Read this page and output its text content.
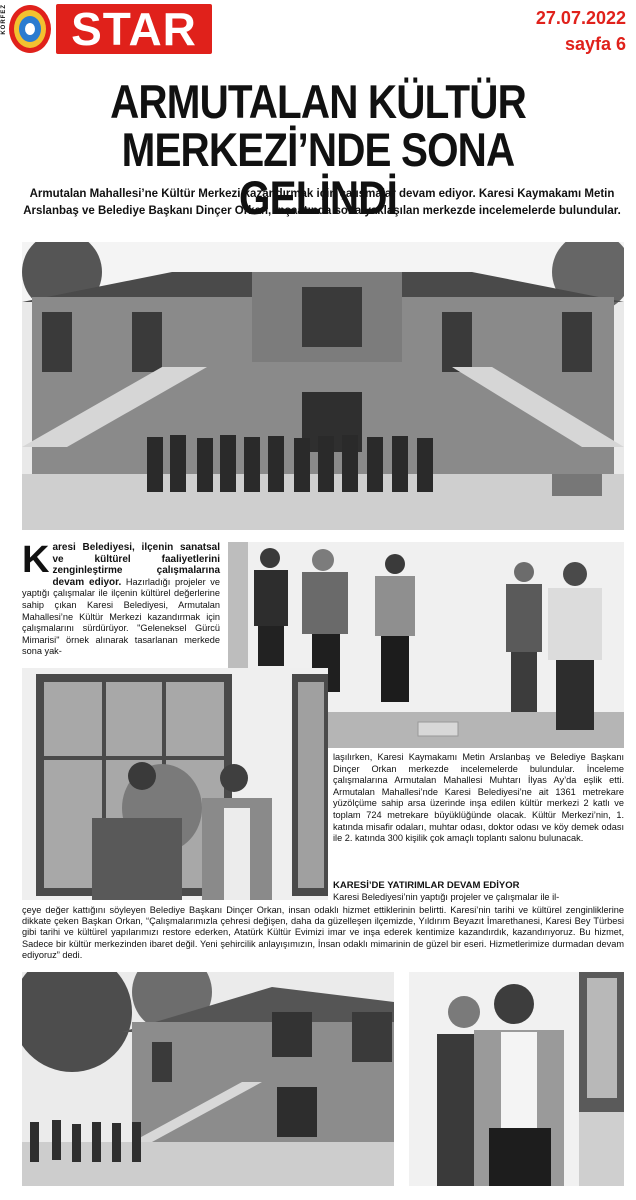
KÖRFEZ	STAR	27.07.2022
sayfa 6
ARMUTALAN KÜLTÜR
MERKEZİ’NDE SONA GELİNDİ
Armutalan Mahallesi’ne Kültür Merkezi kazandırmak için çalışmalar devam ediyor. Karesi Kaymakamı Metin
Arslanbaş ve Belediye Başkanı Dinçer Orkan, inşaatında sona yaklaşılan merkezde incelemelerde bulundular.
Karesi Belediyesi, ilçenin sanatsal ve kültürel faaliyetlerini zenginleştirme çalışmalarına devam ediyor. Hazırladığı projeler ve yaptığı çalışmalar ile ilçenin kültürel değerlerine sahip çıkan Karesi Belediyesi, Armutalan Mahallesi’ne Kültür Merkezi kazandırmak için çalışmalarını sürdürüyor. "Geleneksel Gürcü Mimarisi" örnek alınarak tasarlanan merkede sona yak-
laşılırken, Karesi Kaymakamı Metin Arslanbaş ve Belediye Başkanı Dinçer Orkan merkezde incelemelerde bulundular. İnceleme çalışmalarına Armutalan Mahallesi Muhtarı İlyas Ay’da eşlik etti. Armutalan Mahallesi’nde Karesi Belediyesi’ne ait 1361 metrekare yüzölçüme sahip arsa üzerinde inşa edilen kültür merkezi 2 katlı ve toplam 724 metrekare büyüklüğünde olacak. Kültür Merkezi’nin, 1. katında misafir odaları, muhtar odası, doktor odası ve köy demek odası ile 2. katında 300 kişilik çok amaçlı toplantı salonu bulunacak.
KARESİ’DE YATIRIMLAR DEVAM EDİYOR
Karesi Belediyesi’nin yaptığı projeler ve çalışmalar ile il-
çeye değer kattığını söyleyen Belediye Başkanı Dinçer Orkan, insan odaklı hizmet ettiklerinin belirtti. Karesi’nin tarihi ve kültürel zenginliklerine dikkate çeken Başkan Orkan, “Çalışmalarımızla çehresi değişen, daha da güzelleşen ilçemizde, Yıldırım Beyazıt İmarethanesi, Karesi Bey Türbesi gibi tarihi ve kültürel yapılarımızı restore ederken, Atatürk Kültür Evimizi imar ve inşa ederek kentimize kazandırdık, kazandırıyoruz. Bu hizmet, Sadece bir kültür merkezinden ibaret değil. Yeni şehircilik anlayışımızın, İnsan odaklı mimarinin de güzel bir eseri. Hizmetlerimize durmadan devam ediyoruz” dedi.
